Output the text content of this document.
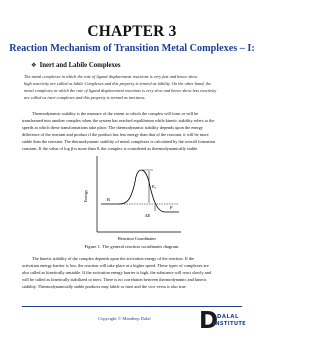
CHAPTER 3
Reaction Mechanism of Transition Metal Complexes – I:
❖ Inert and Labile Complexes

The metal complexes in which the rate of ligand displacement reactions is very fast and hence show
high reactivity are called as labile Complexes and this property is termed as lability. On the other hand, the
metal complexes in which the rate of ligand displacement reactions is very slow and hence show less reactivity
are called as inert complexes and this property is termed as inertness.

Thermodynamic stability is the measure of the extent to which the complex will form or will be
transformed into another complex when the system has reached equilibrium while kinetic stability refers to the
speeds at which these transformations take place. The thermodynamic stability depends upon the energy
difference of the reactant and product if the product has less energy than that of the reactant, it will be more
stable than the reactant. The thermodynamic stability of metal complexes is calculated by the overall formation
constant. If the value of log β is more than 8, the complex is considered as thermodynamically stable.

Energy	R
P
Eₐ
ΔE
Reaction Coordinates
Figure 1. The general reaction coordinates diagram.

The kinetic stability of the complex depends upon the activation energy of the reaction. If the
activation energy barrier is low, the reaction will take place at a higher speed. These types of complexes are
also called as kinetically unstable. If the activation energy barrier is high, the substance will react slowly and
will be called as kinetically stabilized or inert. There is no correlation between thermodynamic and kinetic
stability. Thermodynamically stable products may labile or inert and the vice versa is also true.

Copyright © Mandeep Dalal D
DALAL
INSTITUTE
